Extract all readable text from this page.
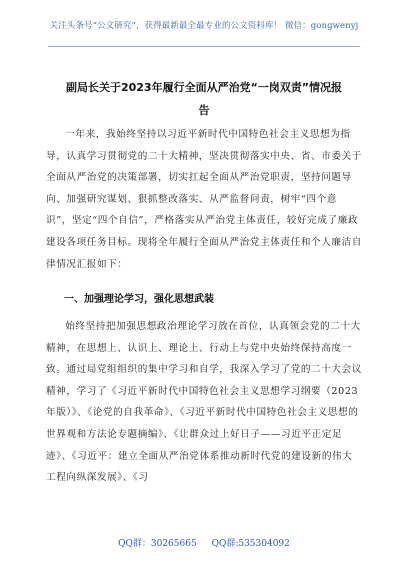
关注头条号“公文研究”，获得最新最全最专业的公文资料库！ 微信：gongwenyj
副局长关于2023年履行全面从严治党“一岗双责”情况报告

一年来，我始终坚持以习近平新时代中国特色社会主义思想为指导，认真学习贯彻党的二十大精神，坚决贯彻落实中央、省、市委关于全面从严治党的决策部署，切实扛起全面从严治党职责，坚持问题导向、加强研究谋划、狠抓整改落实、从严监督问责，树牢“四个意识”，坚定“四个自信”，严格落实从严治党主体责任，较好完成了廉政建设各项任务目标。现将全年履行全面从严治党主体责任和个人廉洁自律情况汇报如下：

一、加强理论学习，强化思想武装

始终坚持把加强思想政治理论学习放在首位，认真领会党的二十大精神，在思想上、认识上、理论上、行动上与党中央始终保持高度一致。通过局党组组织的集中学习和自学，我深入学习了党的二十大会议精神，学习了《习近平新时代中国特色社会主义思想学习纲要（2023年版）》、《论党的自我革命》、《习近平新时代中国特色社会主义思想的世界观和方法论专题摘编》、《让群众过上好日子——习近平正定足迹》、《习近平：建立全面从严治党体系推动新时代党的建设新的伟大工程向纵深发展》、《习

QQ群：30265665 QQ群:535304092
